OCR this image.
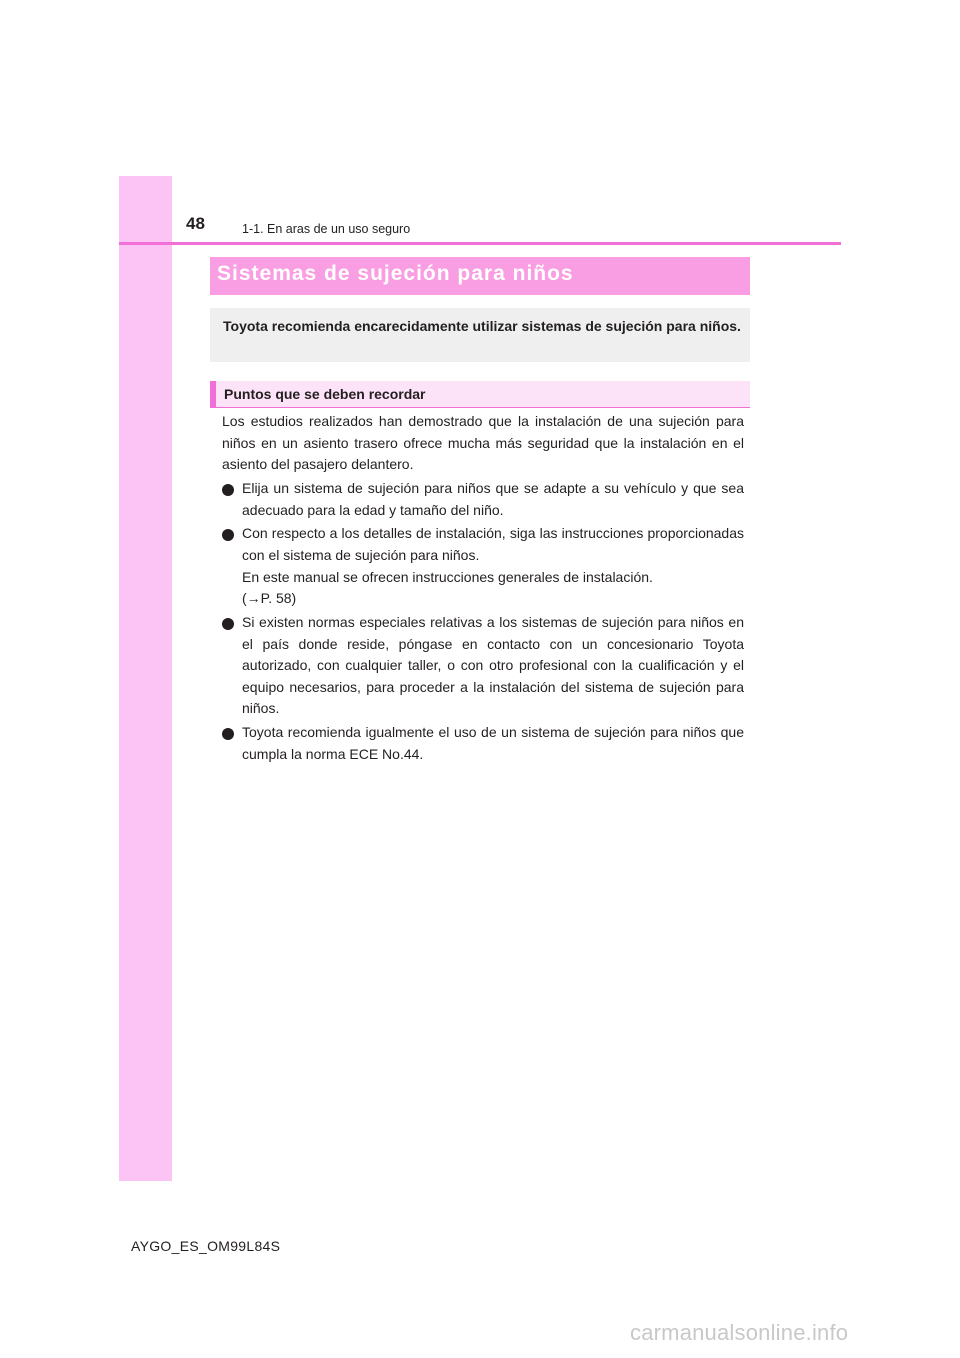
48	1-1. En aras de un uso seguro
Sistemas de sujeción para niños
Toyota recomienda encarecidamente utilizar sistemas de sujeción para niños.
Puntos que se deben recordar

Los estudios realizados han demostrado que la instalación de una sujeción para niños en un asiento trasero ofrece mucha más seguridad que la instalación en el asiento del pasajero delantero.

Elija un sistema de sujeción para niños que se adapte a su vehículo y que sea adecuado para la edad y tamaño del niño.
Con respecto a los detalles de instalación, siga las instrucciones proporcionadas con el sistema de sujeción para niños.
En este manual se ofrecen instrucciones generales de instalación.
(→P. 58)
Si existen normas especiales relativas a los sistemas de sujeción para niños en el país donde reside, póngase en contacto con un concesionario Toyota autorizado, con cualquier taller, o con otro profesional con la cualificación y el equipo necesarios, para proceder a la instalación del sistema de sujeción para niños.
Toyota recomienda igualmente el uso de un sistema de sujeción para niños que cumpla la norma ECE No.44.
AYGO_ES_OM99L84S
carmanualsonline.info
